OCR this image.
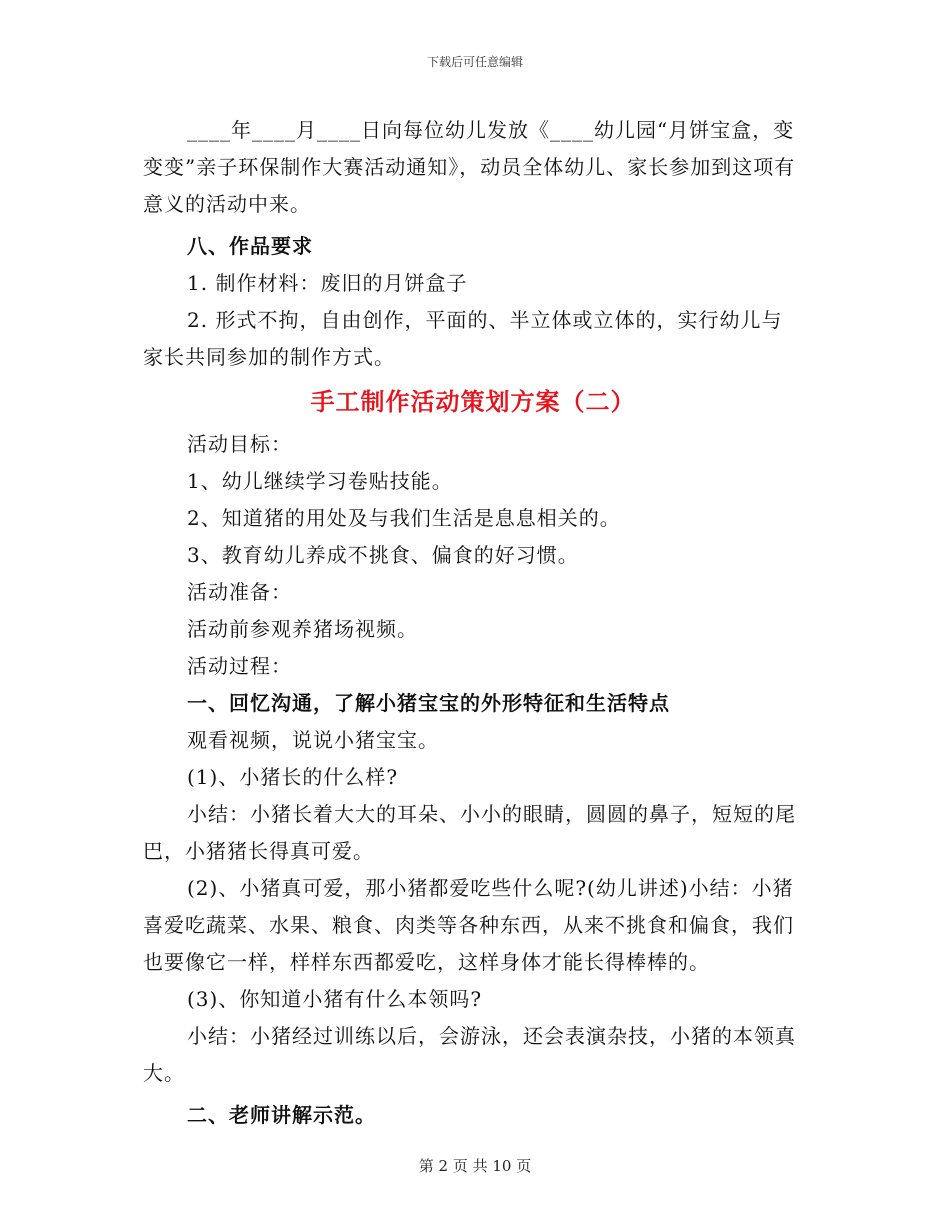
下载后可任意编辑

____年____月____日向每位幼儿发放《____幼儿园“月饼宝盒，变变变”亲子环保制作大赛活动通知》，动员全体幼儿、家长参加到这项有意义的活动中来。

八、作品要求

1. 制作材料：废旧的月饼盒子

2. 形式不拘，自由创作，平面的、半立体或立体的，实行幼儿与家长共同参加的制作方式。

手工制作活动策划方案（二）

活动目标：

1、幼儿继续学习卷贴技能。

2、知道猪的用处及与我们生活是息息相关的。

3、教育幼儿养成不挑食、偏食的好习惯。

活动准备：

活动前参观养猪场视频。

活动过程：

一、回忆沟通，了解小猪宝宝的外形特征和生活特点

观看视频，说说小猪宝宝。

(1)、小猪长的什么样?

小结：小猪长着大大的耳朵、小小的眼睛，圆圆的鼻子，短短的尾巴，小猪猪长得真可爱。

(2)、小猪真可爱，那小猪都爱吃些什么呢?(幼儿讲述)小结：小猪喜爱吃蔬菜、水果、粮食、肉类等各种东西，从来不挑食和偏食，我们也要像它一样，样样东西都爱吃，这样身体才能长得棒棒的。

(3)、你知道小猪有什么本领吗?

小结：小猪经过训练以后，会游泳，还会表演杂技，小猪的本领真大。

二、老师讲解示范。

第 2 页 共 10 页
